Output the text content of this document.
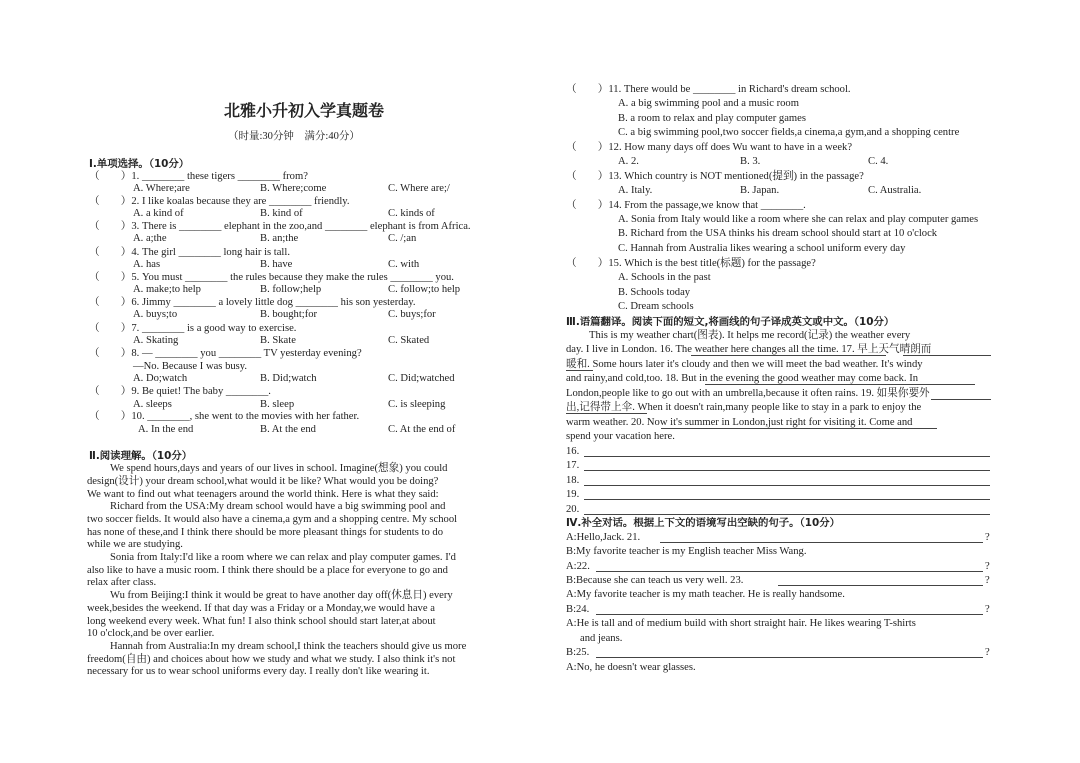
北雅小升初入学真题卷
（时量:30分钟　满分:40分）
Ⅰ.单项选择。（10分）
（　　）1. ________ these tigers ________ from?
A. Where;are	B. Where;come	C. Where are;/
（　　）2. I like koalas because they are ________ friendly.
A. a kind of	B. kind of	C. kinds of
（　　）3. There is ________ elephant in the zoo,and ________ elephant is from Africa.
A. a;the	B. an;the	C. /;an
（　　）4. The girl ________ long hair is tall.
A. has	B. have	C. with
（　　）5. You must ________ the rules because they make the rules ________ you.
A. make;to help	B. follow;help	C. follow;to help
（　　）6. Jimmy ________ a lovely little dog ________ his son yesterday.
A. buys;to	B. bought;for	C. buys;for
（　　）7. ________ is a good way to exercise.
A. Skating	B. Skate	C. Skated
（　　）8. — ________ you ________ TV yesterday evening?
—No. Because I was busy.
A. Do;watch	B. Did;watch	C. Did;watched
（　　）9. Be quiet! The baby ________.
A. sleeps	B. sleep	C. is sleeping
（　　）10. ________, she went to the movies with her father.
A. In the end	B. At the end	C. At the end of
Ⅱ.阅读理解。（10分）
We spend hours,days and years of our lives in school. Imagine(想象) you could
design(设计) your dream school,what would it be like? What would you be doing?
We want to find out what teenagers around the world think. Here is what they said:
Richard from the USA:My dream school would have a big swimming pool and
two soccer fields. It would also have a cinema,a gym and a shopping centre. My school
has none of these,and I think there should be more pleasant things for students to do
while we are studying.
Sonia from Italy:I'd like a room where we can relax and play computer games. I'd
also like to have a music room. I think there should be a place for everyone to go and
relax after class.
Wu from Beijing:I think it would be great to have another day off(休息日) every
week,besides the weekend. If that day was a Friday or a Monday,we would have a
long weekend every week. What fun! I also think school should start later,at about
10 o'clock,and be over earlier.
Hannah from Australia:In my dream school,I think the teachers should give us more
freedom(自由) and choices about how we study and what we study. I also think it's not
necessary for us to wear school uniforms every day. I really don't like wearing it.
（　　）11. There would be ________ in Richard's dream school.
A. a big swimming pool and a music room
B. a room to relax and play computer games
C. a big swimming pool,two soccer fields,a cinema,a gym,and a shopping centre
（　　）12. How many days off does Wu want to have in a week?
A. 2.	B. 3.	C. 4.
（　　）13. Which country is NOT mentioned(提到) in the passage?
A. Italy.	B. Japan.	C. Australia.
（　　）14. From the passage,we know that ________.
A. Sonia from Italy would like a room where she can relax and play computer games
B. Richard from the USA thinks his dream school should start at 10 o'clock
C. Hannah from Australia likes wearing a school uniform every day
（　　）15. Which is the best title(标题) for the passage?
A. Schools in the past
B. Schools today
C. Dream schools
Ⅲ.语篇翻译。阅读下面的短文,将画线的句子译成英文或中文。（10分）
This is my weather chart(图表). It helps me record(记录) the weather every
day. I live in London. 16. The weather here changes all the time. 17. 早上天气晴朗而
暖和. Some hours later it's cloudy and then we will meet the bad weather. It's windy
and rainy,and cold,too. 18. But in the evening the good weather may come back. In
London,people like to go out with an umbrella,because it often rains. 19. 如果你要外
出,记得带上伞. When it doesn't rain,many people like to stay in a park to enjoy the
warm weather. 20. Now it's summer in London,just right for visiting it. Come and
spend your vacation here.
16.
17.
18.
19.
20.
Ⅳ.补全对话。根据上下文的语境写出空缺的句子。（10分）
A:Hello,Jack. 21.	?
B:My favorite teacher is my English teacher Miss Wang.
A:22.	?
B:Because she can teach us very well. 23.	?
A:My favorite teacher is my math teacher. He is really handsome.
B:24.	?
A:He is tall and of medium build with short straight hair. He likes wearing T-shirts
and jeans.
B:25.	?
A:No, he doesn't wear glasses.
